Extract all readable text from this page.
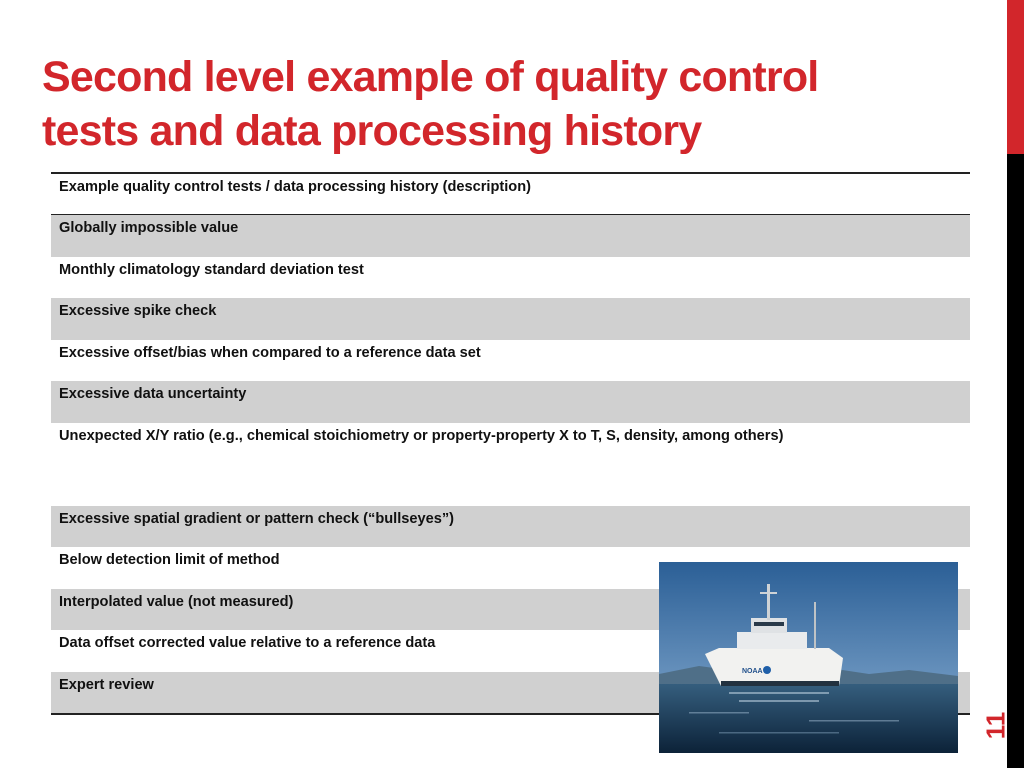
Second level example of quality control
tests and data processing history
Example quality control tests / data processing history (description)
Globally impossible value
Monthly climatology standard deviation test
Excessive spike check
Excessive offset/bias when compared to a reference data set
Excessive data uncertainty
Unexpected X/Y ratio (e.g., chemical stoichiometry or property-property X to T, S, density, among others)
Excessive spatial gradient or pattern check (“bullseyes”)
Below detection limit of method
Interpolated value (not measured)
Data offset corrected value relative to a reference data
Expert review
NOAA
11
